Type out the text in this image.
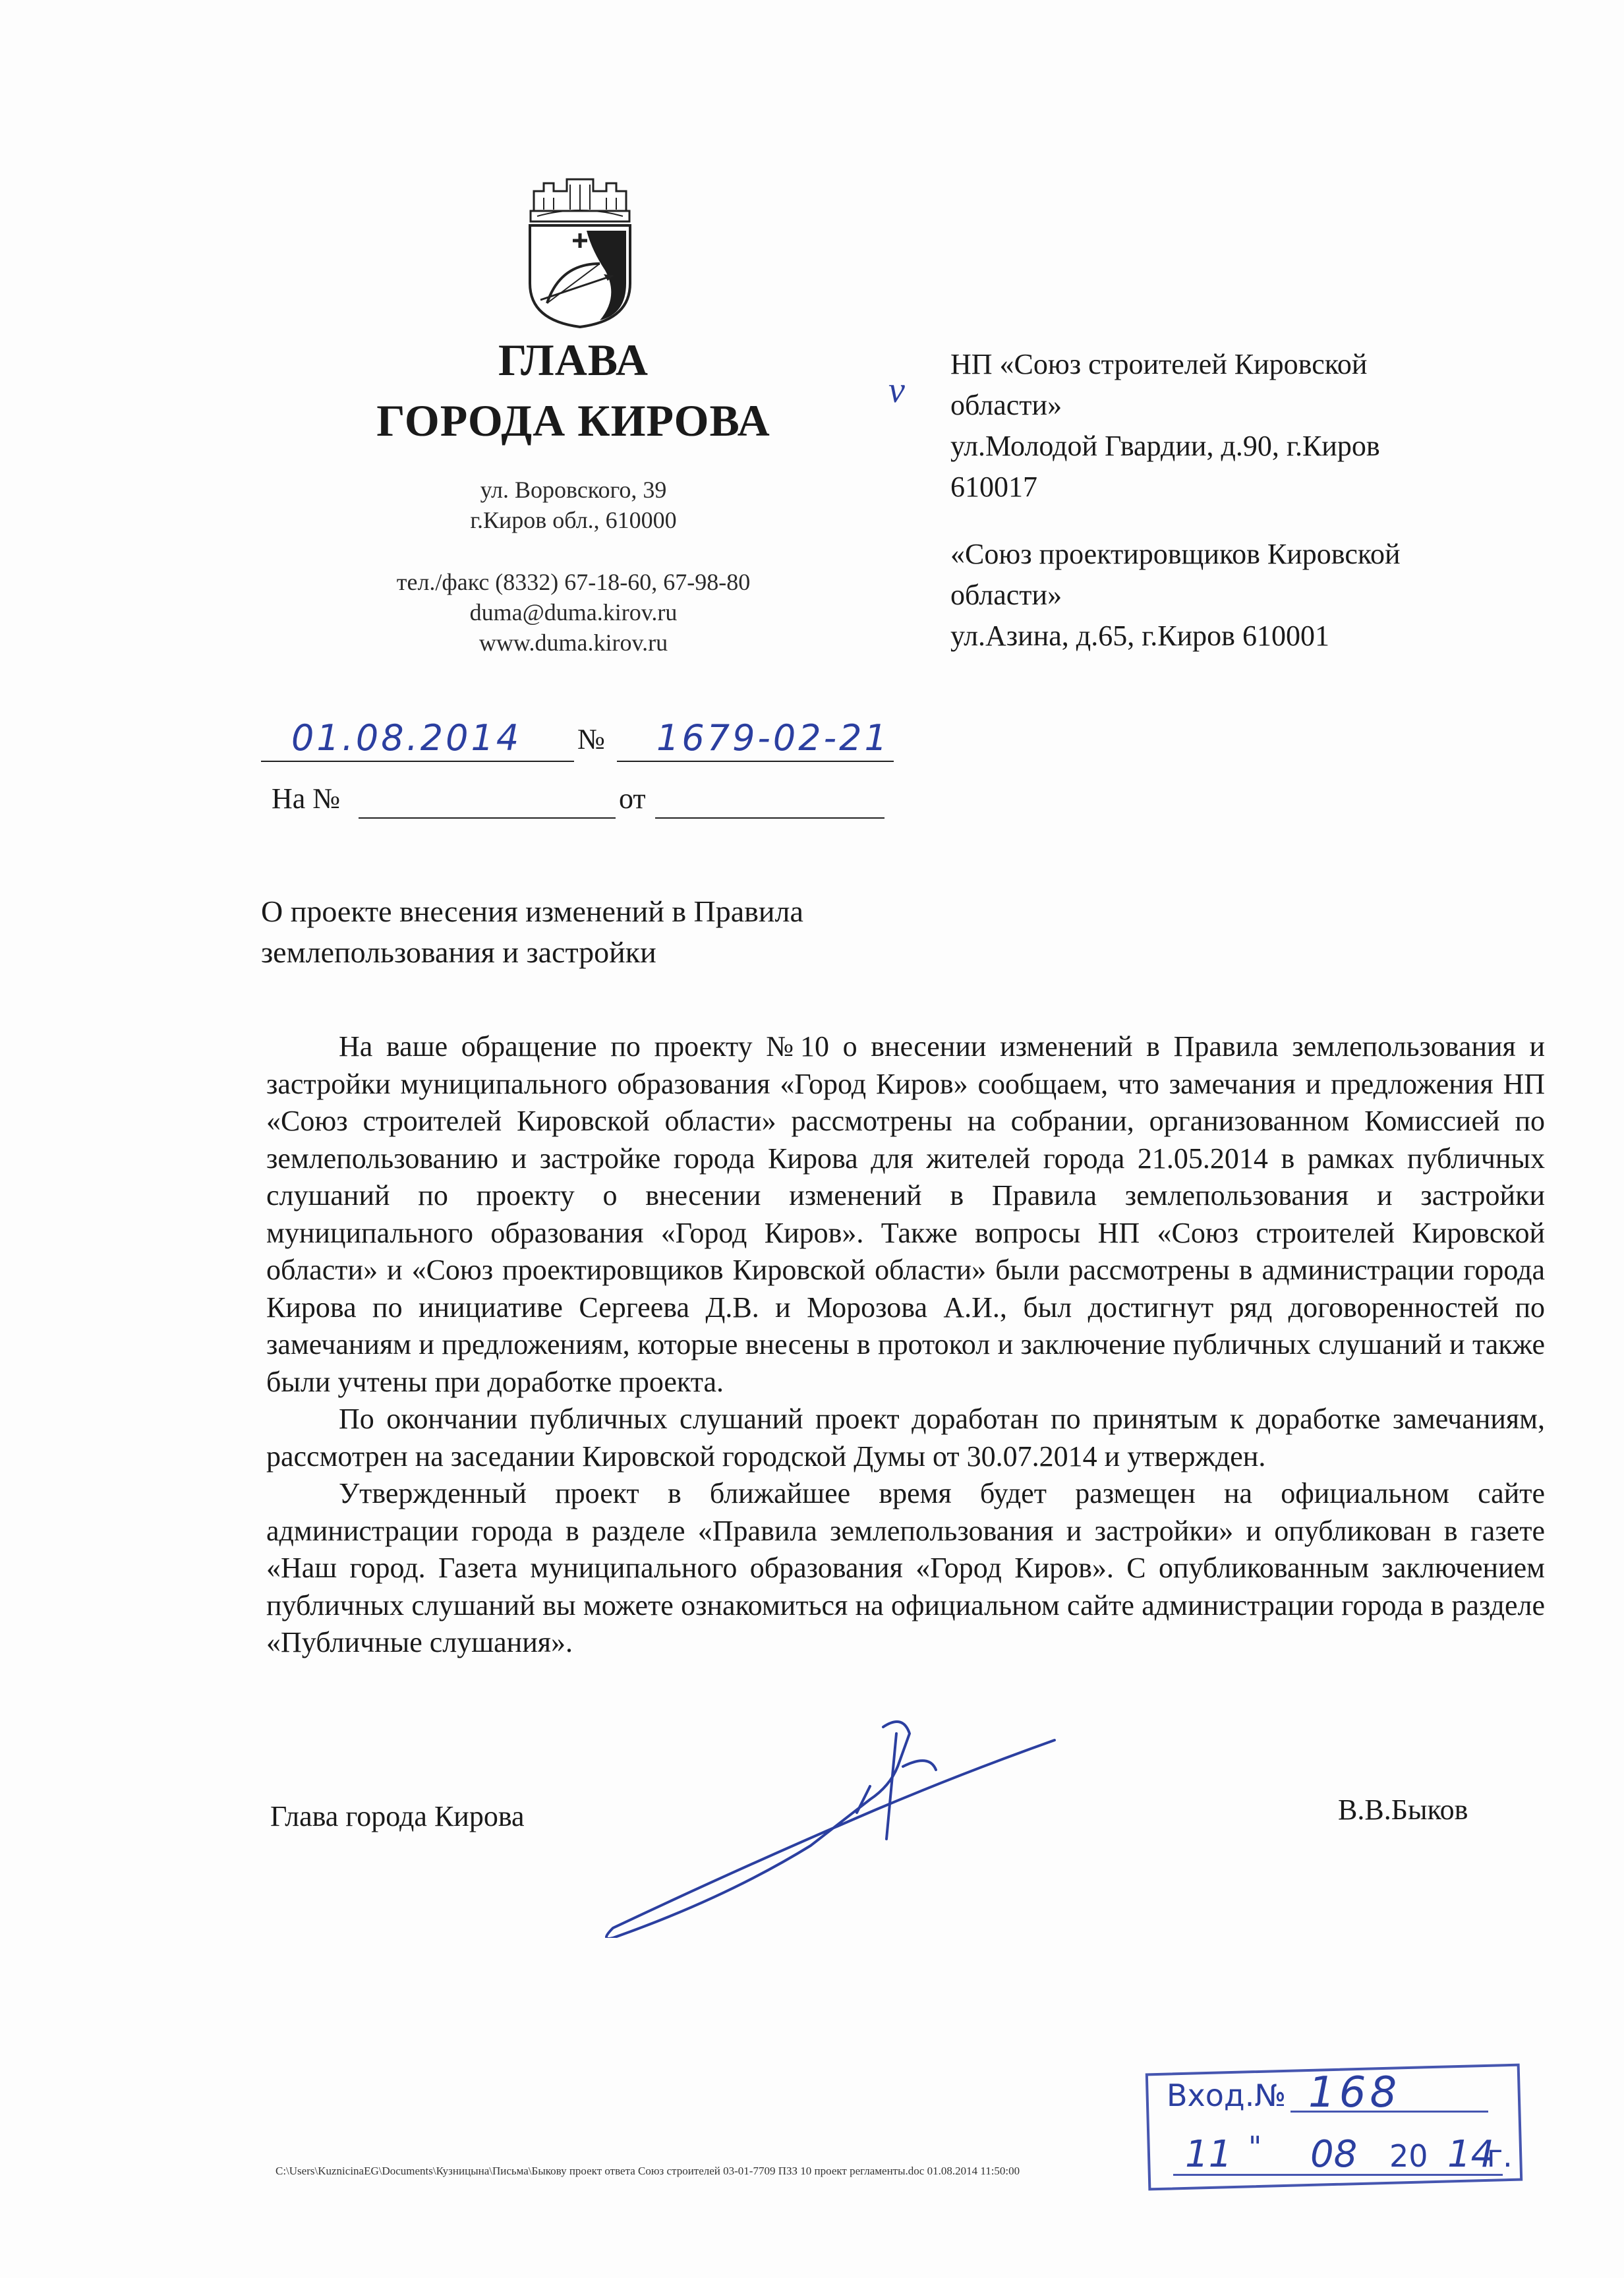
ГЛАВА
ГОРОДА КИРОВА
ул. Воровского, 39
г.Киров обл., 610000
тел./факс (8332) 67-18-60, 67-98-80
duma@duma.kirov.ru
www.duma.kirov.ru
v

НП «Союз строителей Кировской

области»

ул.Молодой Гвардии, д.90, г.Киров

610017

«Союз проектировщиков Кировской

области»

ул.Азина, д.65, г.Киров 610001

01.08.2014 № 1679-02-21
На №	от
О проекте внесения изменений в Правила
землепользования и застройки

На ваше обращение по проекту №10 о внесении изменений в Правила землепользования и застройки муниципального образования «Город Киров» сообщаем, что замечания и предложения НП «Союз строителей Кировской области» рассмотрены на собрании, организованном Комиссией по землепользованию и застройке города Кирова для жителей города 21.05.2014 в рамках публичных слушаний по проекту о внесении изменений в Правила землепользования и застройки муниципального образования «Город Киров». Также вопросы НП «Союз строителей Кировской области» и «Союз проектировщиков Кировской области» были рассмотрены в администрации города Кирова по инициативе Сергеева Д.В. и Морозова А.И., был достигнут ряд договоренностей по замечаниям и предложениям, которые внесены в протокол и заключение публичных слушаний и также были учтены при доработке проекта.

По окончании публичных слушаний проект доработан по принятым к доработке замечаниям, рассмотрен на заседании Кировской городской Думы от 30.07.2014 и утвержден.

Утвержденный проект в ближайшее время будет размещен на официальном сайте администрации города в разделе «Правила землепользования и застройки» и опубликован в газете «Наш город. Газета муниципального образования «Город Киров». С опубликованным заключением публичных слушаний вы можете ознакомиться на официальном сайте администрации города в разделе «Публичные слушания».

Глава города Кирова	В.В.Быков
Вход.№ 168
11 " 08 20 14
г.
C:\Users\KuznicinaEG\Documents\Кузницына\Письма\Быкову проект ответа Союз строителей 03-01-7709 ПЗЗ 10 проект регламенты.doc 01.08.2014 11:50:00
